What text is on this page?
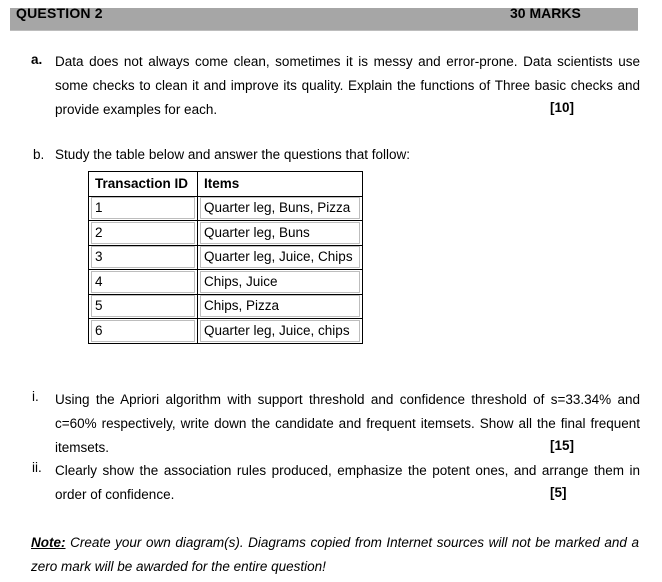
QUESTION 2	30 MARKS
a. Data does not always come clean, sometimes it is messy and error-prone. Data scientists use
some checks to clean it and improve its quality. Explain the functions of Three basic checks and
provide examples for each.	[10]
b. Study the table below and answer the questions that follow:
Transaction ID	Items

1	Quarter leg, Buns, Pizza

2	Quarter leg, Buns

3	Quarter leg, Juice, Chips

4	Chips, Juice

5	Chips, Pizza

6	Quarter leg, Juice, chips
i. Using the Apriori algorithm with support threshold and confidence threshold of s=33.34% and
c=60% respectively, write down the candidate and frequent itemsets. Show all the final frequent
itemsets.	[15]
ii. Clearly show the association rules produced, emphasize the potent ones, and arrange them in
order of confidence.	[5]
Note: Create your own diagram(s). Diagrams copied from Internet sources will not be marked and a
zero mark will be awarded for the entire question!
